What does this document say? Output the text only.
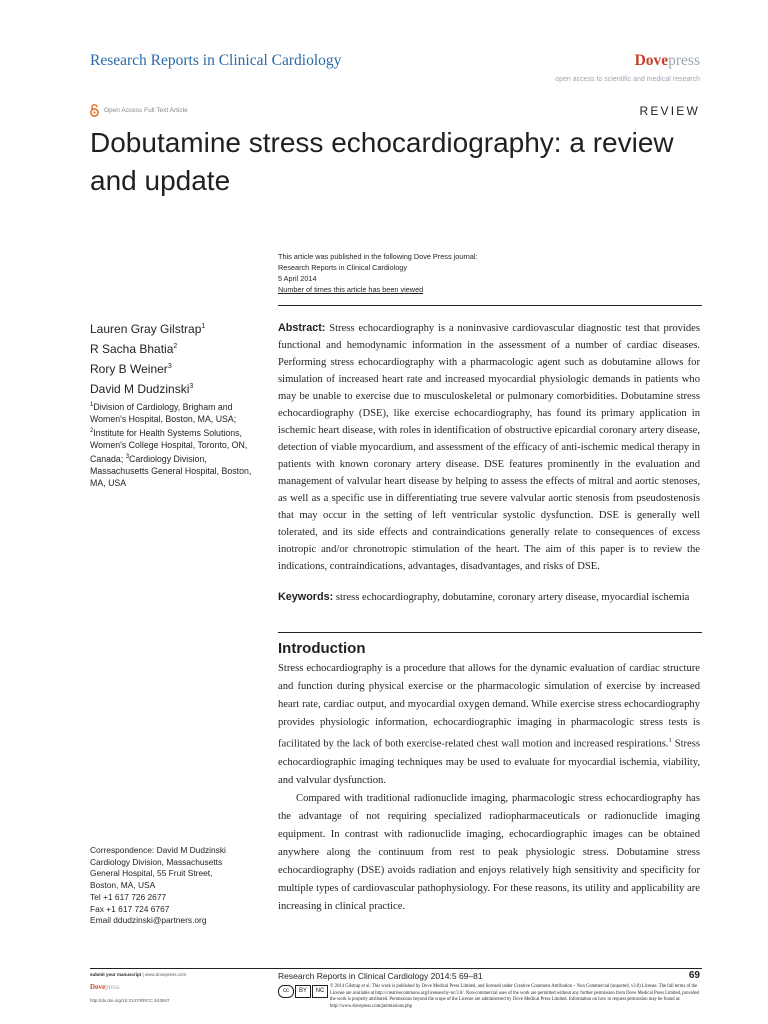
Research Reports in Clinical Cardiology	Dovepress
open access to scientific and medical research
Open Access Full Text Article	REVIEW
Dobutamine stress echocardiography: a review and update
This article was published in the following Dove Press journal:
Research Reports in Clinical Cardiology
5 April 2014
Number of times this article has been viewed
Lauren Gray Gilstrap$^1$
R Sacha Bhatia$^2$
Rory B Weiner$^3$
David M Dudzinski$^3$
$^1$Division of Cardiology, Brigham and Women's Hospital, Boston, MA, USA; $^2$Institute for Health Systems Solutions, Women's College Hospital, Toronto, ON, Canada; $^3$Cardiology Division, Massachusetts General Hospital, Boston, MA, USA
Abstract: Stress echocardiography is a noninvasive cardiovascular diagnostic test that provides functional and hemodynamic information in the assessment of a number of cardiac diseases. Performing stress echocardiography with a pharmacologic agent such as dobutamine allows for simulation of increased heart rate and increased myocardial physiologic demands in patients who may be unable to exercise due to musculoskeletal or pulmonary comorbidities. Dobutamine stress echocardiography (DSE), like exercise echocardiography, has found its primary application in ischemic heart disease, with roles in identification of obstructive epicardial coronary artery disease, detection of viable myocardium, and assessment of the efficacy of anti-ischemic medical therapy in patients with known coronary artery disease. DSE features prominently in the evaluation and management of valvular heart disease by helping to assess the effects of mitral and aortic stenoses, as well as a specific use in differentiating true severe valvular aortic stenosis from pseudostenosis that may occur in the setting of left ventricular systolic dysfunction. DSE is generally well tolerated, and its side effects and contraindications generally relate to consequences of excess inotropic and/or chronotropic stimulation of the heart. The aim of this paper is to review the indications, contraindications, advantages, disadvantages, and risks of DSE.
Keywords: stress echocardiography, dobutamine, coronary artery disease, myocardial ischemia
Introduction

Stress echocardiography is a procedure that allows for the dynamic evaluation of cardiac structure and function during physical exercise or the pharmacologic simulation of exercise by increased heart rate, cardiac output, and myocardial oxygen demand. While exercise stress echocardiography provides physiologic information, echocardiographic imaging in pharmacologic stress tests is facilitated by the lack of both exercise-related chest wall motion and increased respirations.$^1$ Stress echocardiographic imaging techniques may be used to evaluate for myocardial ischemia, viability, and valvular dysfunction.

Compared with traditional radionuclide imaging, pharmacologic stress echocardiography has the advantage of not requiring specialized radiopharmaceuticals or radionuclide imaging equipment. In contrast with radionuclide imaging, echocardiographic images can be obtained anywhere along the continuum from rest to peak physiologic stress. Dobutamine stress echocardiography (DSE) avoids radiation and enjoys relatively high sensitivity and specificity for multiple types of cardiovascular pathophysiology. For these reasons, its utility and applicability are increasing in clinical practice.

Correspondence: David M Dudzinski
Cardiology Division, Massachusetts
General Hospital, 55 Fruit Street,
Boston, MA, USA
Tel +1 617 726 2677
Fax +1 617 724 6767
Email ddudzinski@partners.org
submit your manuscript | www.dovepress.com
Dovepress
http://dx.doi.org/10.2147/RRCC.S43947
Research Reports in Clinical Cardiology 2014:5 69–81	69
cc	BY	NC
© 2014 Gilstrap et al. This work is published by Dove Medical Press Limited, and licensed under Creative Commons Attribution – Non Commercial (unported, v3.0) License. The full terms of the License are available at http://creativecommons.org/licenses/by-nc/3.0/. Non-commercial uses of the work are permitted without any further permission from Dove Medical Press Limited, provided the work is properly attributed. Permissions beyond the scope of the License are administered by Dove Medical Press Limited. Information on how to request permission may be found at: http://www.dovepress.com/permissions.php
